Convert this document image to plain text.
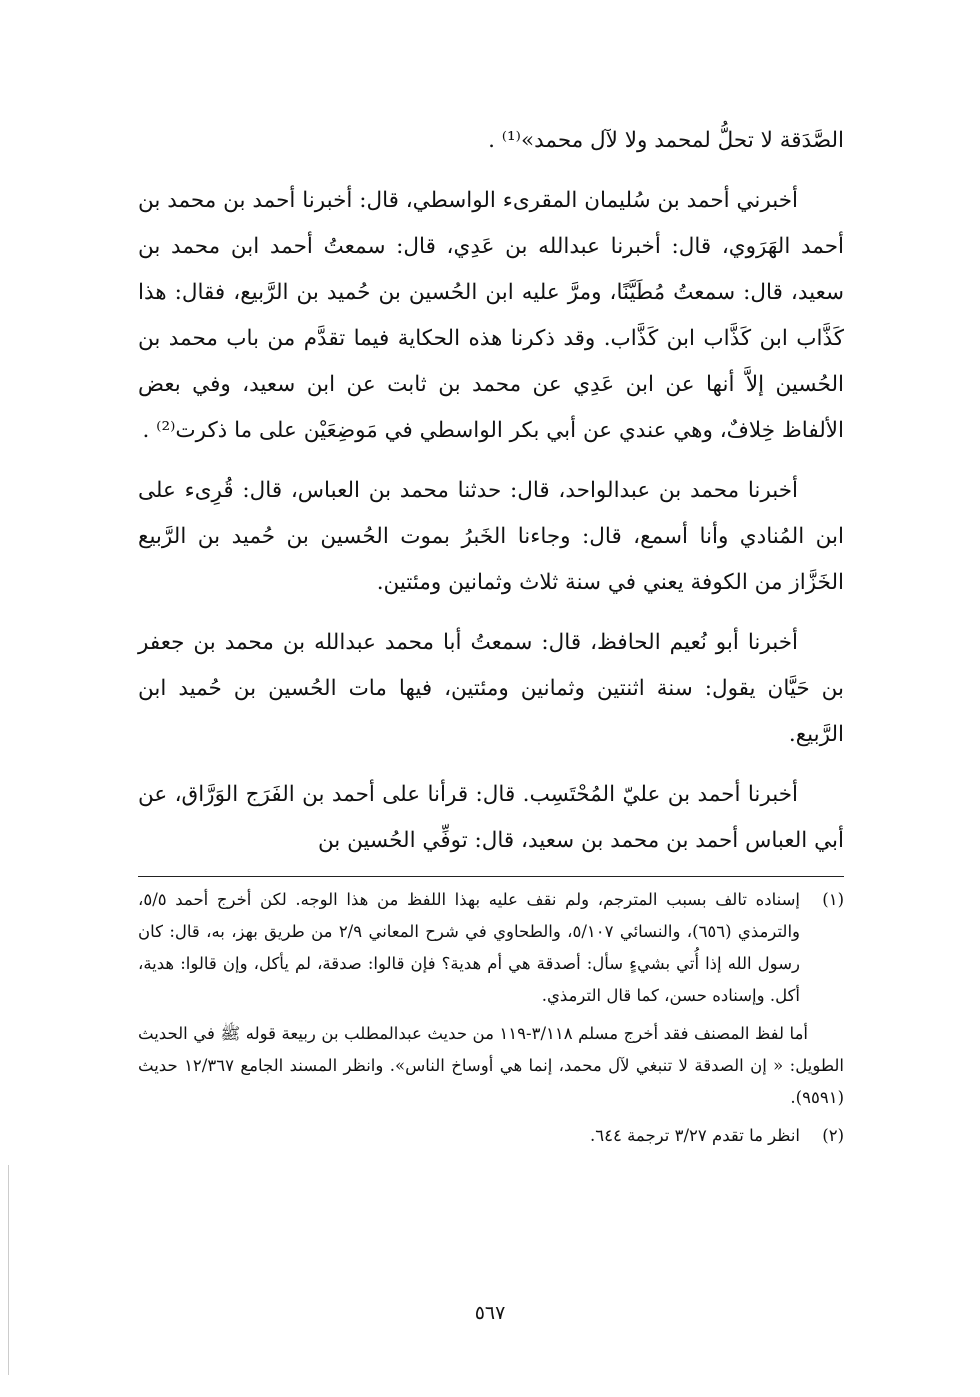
الصَّدَقة لا تحلُّ لمحمد ولا لآل محمد»⁽¹⁾ .

أخبرني أحمد بن سُليمان المقرىء الواسطي، قال: أخبرنا أحمد بن محمد بن أحمد الهَرَوي، قال: أخبرنا عبدالله بن عَدِي، قال: سمعتُ أحمد ابن محمد بن سعيد، قال: سمعتُ مُطَيَّنًا، ومرَّ عليه ابن الحُسين بن حُميد بن الرَّبيع، فقال: هذا كَذَّاب ابن كَذَّاب ابن كَذَّاب. وقد ذكرنا هذه الحكاية فيما تقدَّم من باب محمد بن الحُسين إلاَّ أنها عن ابن عَدِي عن محمد بن ثابت عن ابن سعيد، وفي بعض الألفاظ خِلافٌ، وهي عندي عن أبي بكر الواسطي في مَوضِعَيْن على ما ذكرت⁽²⁾ .

أخبرنا محمد بن عبدالواحد، قال: حدثنا محمد بن العباس، قال: قُرِىء على ابن المُنادي وأنا أسمع، قال: وجاءنا الخَبرُ بموت الحُسين بن حُميد بن الرَّبيع الخَزَّاز من الكوفة يعني في سنة ثلاث وثمانين ومئتين.

أخبرنا أبو نُعيم الحافظ، قال: سمعتُ أبا محمد عبدالله بن محمد بن جعفر بن حَيَّان يقول: سنة اثنتين وثمانين ومئتين، فيها مات الحُسين بن حُميد ابن الرَّبيع.

أخبرنا أحمد بن عليّ المُحْتَسِب. قال: قرأنا على أحمد بن الفَرَج الوَرَّاق، عن أبي العباس أحمد بن محمد بن سعيد، قال: توفِّي الحُسين بن

(١)
إسناده تالف بسبب المترجم، ولم نقف عليه بهذا اللفظ من هذا الوجه. لكن أخرج أحمد ٥/٥، والترمذي (٦٥٦)، والنسائي ٥/١٠٧، والطحاوي في شرح المعاني ٢/٩ من طريق بهز، به، قال: كان رسول الله إذا أُتي بشيءٍ سأل: أصدقة هي أم هدية؟ فإن قالوا: صدقة، لم يأكل، وإن قالوا: هدية، أكل. وإسناده حسن، كما قال الترمذي.

أما لفظ المصنف فقد أخرج مسلم ٣/١١٨-١١٩ من حديث عبدالمطلب بن ربيعة قوله ﷺ في الحديث الطويل: « إن الصدقة لا تنبغي لآل محمد، إنما هي أوساخ الناس». وانظر المسند الجامع ١٢/٣٦٧ حديث (٩٥٩١).

(٢)
انظر ما تقدم ٣/٢٧ ترجمة ٦٤٤.
٥٦٧
